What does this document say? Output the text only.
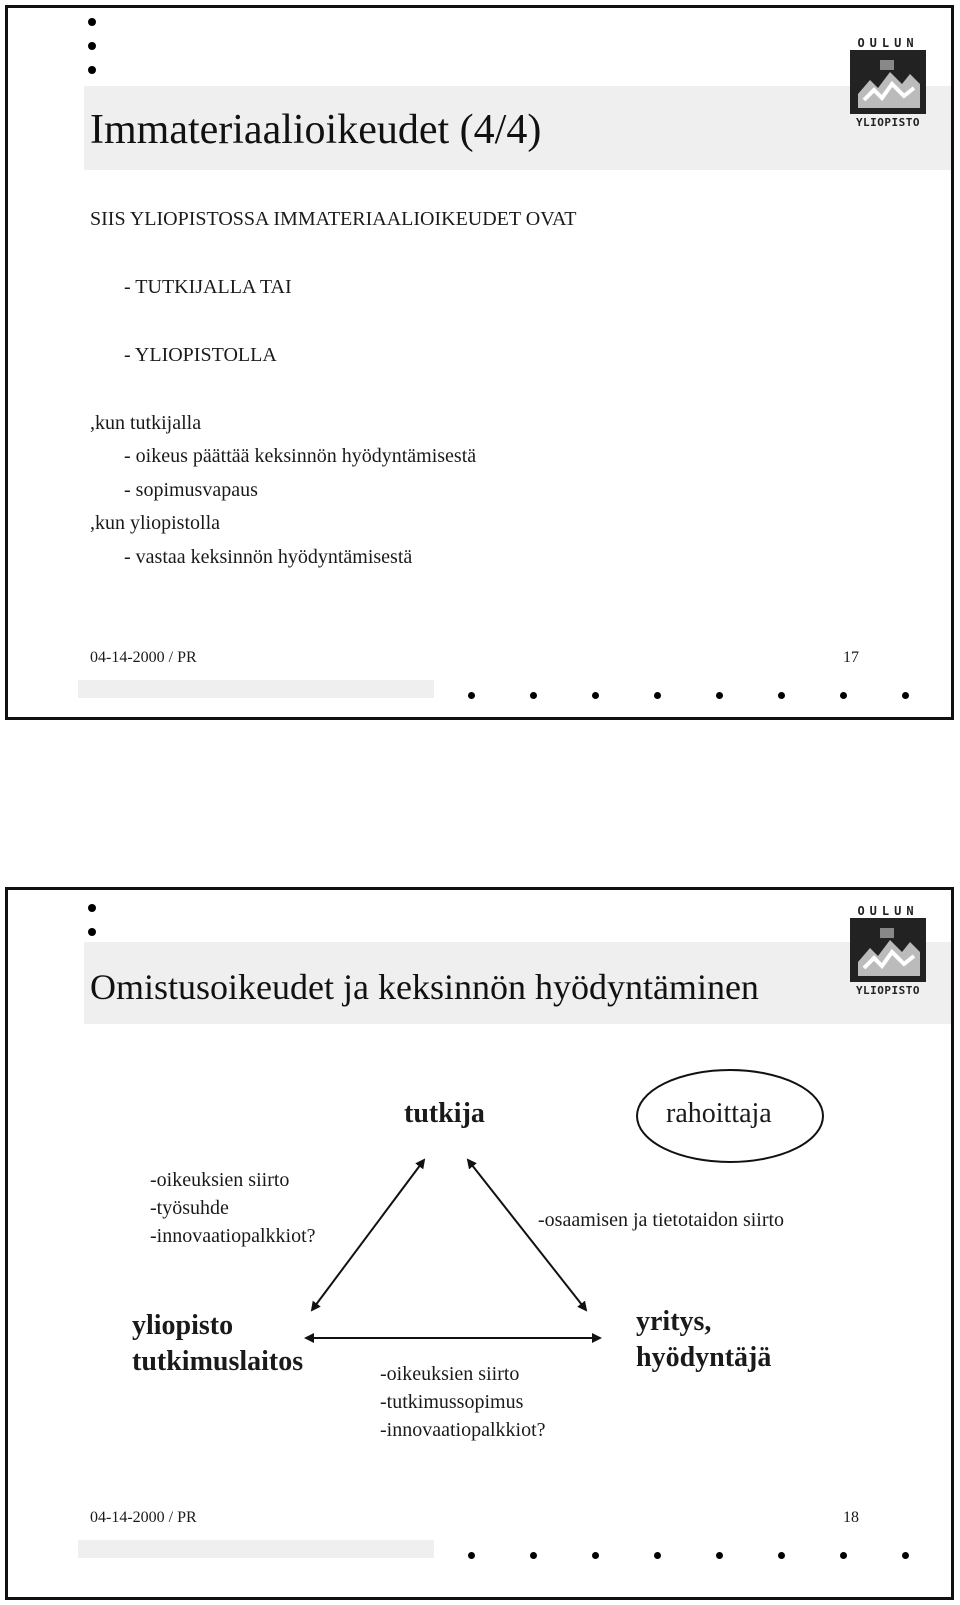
Immateriaalioikeudet (4/4)
OULUN
YLIOPISTO
SIIS YLIOPISTOSSA IMMATERIAALIOIKEUDET OVAT
- TUTKIJALLA TAI
- YLIOPISTOLLA
,kun tutkijalla
- oikeus päättää keksinnön hyödyntämisestä
- sopimusvapaus
,kun yliopistolla
- vastaa keksinnön hyödyntämisestä
04-14-2000 / PR	17
Omistusoikeudet ja keksinnön hyödyntäminen
OULUN
YLIOPISTO
tutkija	rahoittaja
-oikeuksien siirto
-työsuhde
-innovaatiopalkkiot?
-osaamisen ja tietotaidon siirto
yliopisto
tutkimuslaitos
yritys,
hyödyntäjä
-oikeuksien siirto
-tutkimussopimus
-innovaatiopalkkiot?
04-14-2000 / PR	18
